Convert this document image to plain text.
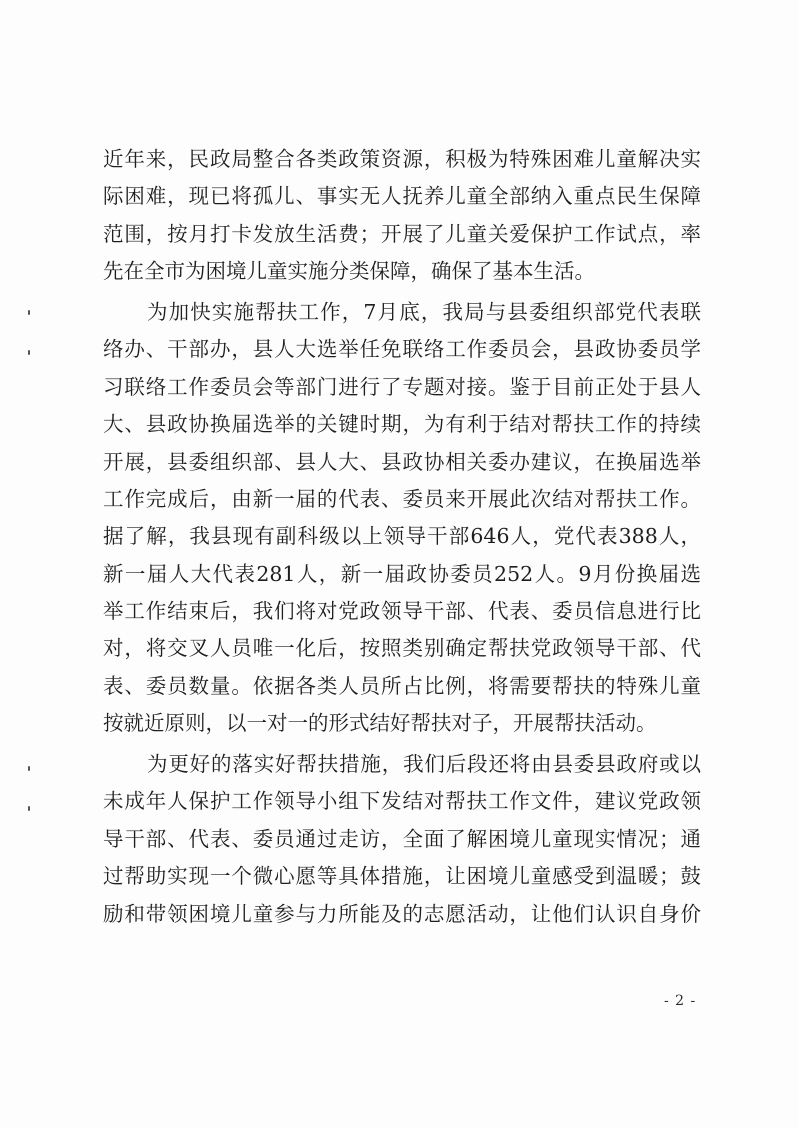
近年来，民政局整合各类政策资源，积极为特殊困难儿童解决实
际困难，现已将孤儿、事实无人抚养儿童全部纳入重点民生保障
范围，按月打卡发放生活费；开展了儿童关爱保护工作试点，率
先在全市为困境儿童实施分类保障，确保了基本生活。
为加快实施帮扶工作，7月底，我局与县委组织部党代表联
络办、干部办，县人大选举任免联络工作委员会，县政协委员学
习联络工作委员会等部门进行了专题对接。鉴于目前正处于县人
大、县政协换届选举的关键时期，为有利于结对帮扶工作的持续
开展，县委组织部、县人大、县政协相关委办建议，在换届选举
工作完成后，由新一届的代表、委员来开展此次结对帮扶工作。
据了解，我县现有副科级以上领导干部646人，党代表388人，
新一届人大代表281人，新一届政协委员252人。9月份换届选
举工作结束后，我们将对党政领导干部、代表、委员信息进行比
对，将交叉人员唯一化后，按照类别确定帮扶党政领导干部、代
表、委员数量。依据各类人员所占比例，将需要帮扶的特殊儿童
按就近原则，以一对一的形式结好帮扶对子，开展帮扶活动。
为更好的落实好帮扶措施，我们后段还将由县委县政府或以
未成年人保护工作领导小组下发结对帮扶工作文件，建议党政领
导干部、代表、委员通过走访，全面了解困境儿童现实情况；通
过帮助实现一个微心愿等具体措施，让困境儿童感受到温暖；鼓
励和带领困境儿童参与力所能及的志愿活动，让他们认识自身价
- 2 -
